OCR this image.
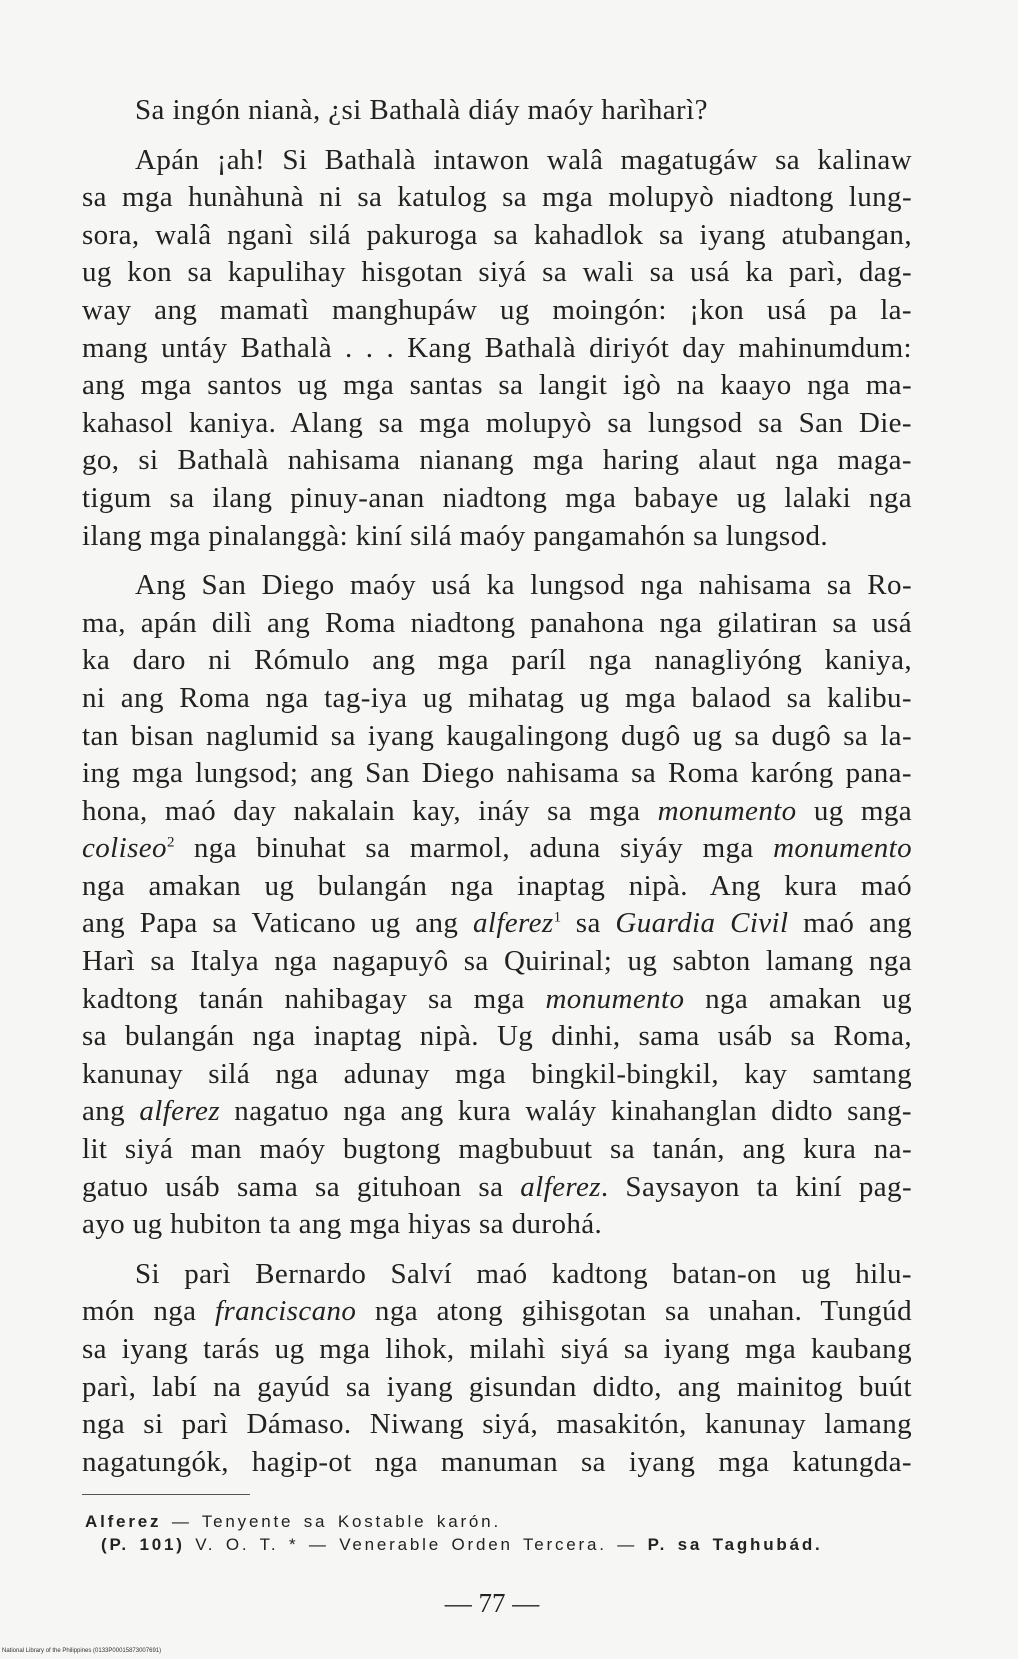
Sa ingón nianà, ¿si Bathalà diáy maóy harìharì?
Apán ¡ah! Si Bathalà intawon walâ magatugáw sa kalinaw
sa mga hunàhunà ni sa katulog sa mga molupyò niadtong lung-
sora, walâ nganì silá pakuroga sa kahadlok sa iyang atubangan,
ug kon sa kapulihay hisgotan siyá sa wali sa usá ka parì, dag-
way ang mamatì manghupáw ug moingón: ¡kon usá pa la-
mang untáy Bathalà . . . Kang Bathalà diriyót day mahinumdum:
ang mga santos ug mga santas sa langit igò na kaayo nga ma-
kahasol kaniya. Alang sa mga molupyò sa lungsod sa San Die-
go, si Bathalà nahisama nianang mga haring alaut nga maga-
tigum sa ilang pinuy-anan niadtong mga babaye ug lalaki nga
ilang mga pinalanggà: kiní silá maóy pangamahón sa lungsod.
Ang San Diego maóy usá ka lungsod nga nahisama sa Ro-
ma, apán dilì ang Roma niadtong panahona nga gilatiran sa usá
ka daro ni Rómulo ang mga paríl nga nanagliyóng kaniya,
ni ang Roma nga tag-iya ug mihatag ug mga balaod sa kalibu-
tan bisan naglumid sa iyang kaugalingong dugô ug sa dugô sa la-
ing mga lungsod; ang San Diego nahisama sa Roma karóng pana-
hona, maó day nakalain kay, ináy sa mga monumento ug mga
coliseo$^2$ nga binuhat sa marmol, aduna siyáy mga monumento
nga amakan ug bulangán nga inaptag nipà. Ang kura maó
ang Papa sa Vaticano ug ang alferez$^1$ sa Guardia Civil maó ang
Harì sa Italya nga nagapuyô sa Quirinal; ug sabton lamang nga
kadtong tanán nahibagay sa mga monumento nga amakan ug
sa bulangán nga inaptag nipà. Ug dinhi, sama usáb sa Roma,
kanunay silá nga adunay mga bingkil-bingkil, kay samtang
ang alferez nagatuo nga ang kura waláy kinahanglan didto sang-
lit siyá man maóy bugtong magbubuut sa tanán, ang kura na-
gatuo usáb sama sa gituhoan sa alferez. Saysayon ta kiní pag-
ayo ug hubiton ta ang mga hiyas sa durohá.
Si parì Bernardo Salví maó kadtong batan-on ug hilu-
món nga franciscano nga atong gihisgotan sa unahan. Tungúd
sa iyang tarás ug mga lihok, milahì siyá sa iyang mga kaubang
parì, labí na gayúd sa iyang gisundan didto, ang mainitog buút
nga si parì Dámaso. Niwang siyá, masakitón, kanunay lamang
nagatungók, hagip-ot nga manuman sa iyang mga katungda-
Alferez — Tenyente sa Kostable karón.
(P. 101) V. O. T. * — Venerable Orden Tercera. — P. sa Taghubád.
— 77 —
National Library of the Philippines (0133P00015873007691)
